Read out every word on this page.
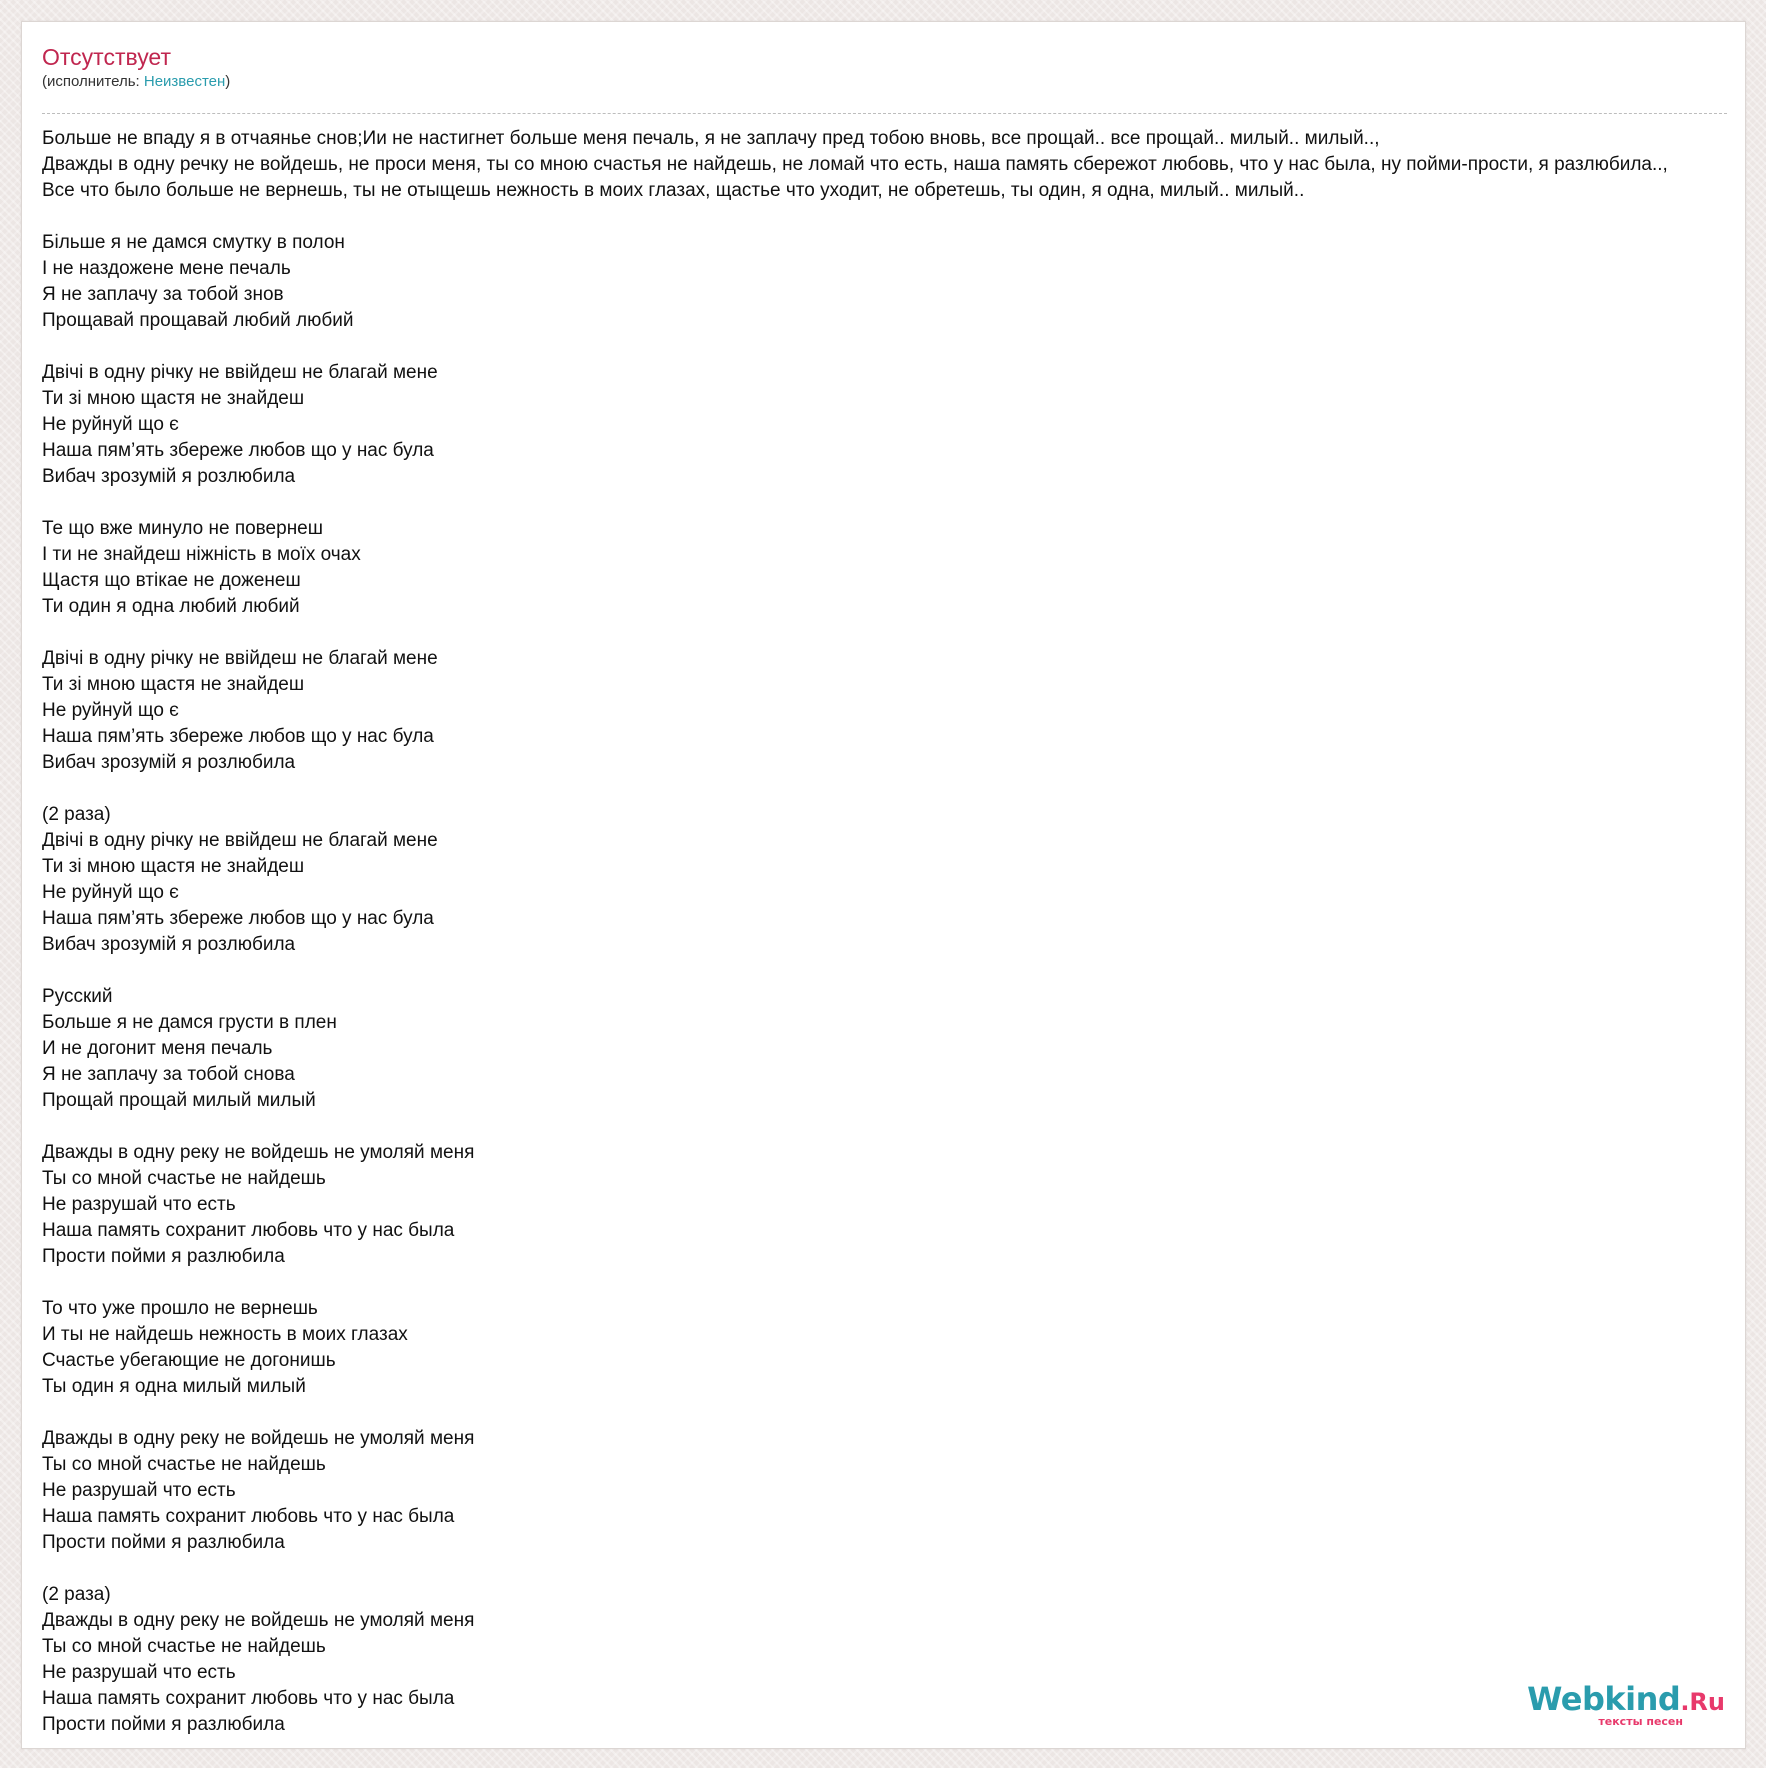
Отсутствует
(исполнитель: Неизвестен)
Больше не впаду я в отчаянье снов;Ии не настигнет больше меня печаль, я не заплачу пред тобою вновь, все прощай.. все прощай.. милый.. милый..,
Дважды в одну речку не войдешь, не проси меня, ты со мною счастья не найдешь, не ломай что есть, наша память сбережот любовь, что у нас была, ну пойми-прости, я разлюбила..,
Все что было больше не вернешь, ты не отыщешь нежность в моих глазах, щастье что уходит, не обретешь, ты один, я одна, милый.. милый..
Більше я не дамся смутку в полон
І не наздожене мене печаль
Я не заплачу за тобой знов
Прощавай прощавай любий любий
Двічі в одну річку не ввійдеш не благай мене
Ти зі мною щастя не знайдеш
Не руйнуй що є
Наша пям’ять збереже любов що у нас була
Вибач зрозумій я розлюбила
Те що вже минуло не повернеш
І ти не знайдеш ніжність в моїх очах
Щастя що втікае не доженеш
Ти один я одна любий любий
Двічі в одну річку не ввійдеш не благай мене
Ти зі мною щастя не знайдеш
Не руйнуй що є
Наша пям’ять збереже любов що у нас була
Вибач зрозумій я розлюбила
(2 раза)
Двічі в одну річку не ввійдеш не благай мене
Ти зі мною щастя не знайдеш
Не руйнуй що є
Наша пям’ять збереже любов що у нас була
Вибач зрозумій я розлюбила
Русский
Больше я не дамся грусти в плен
И не догонит меня печаль
Я не заплачу за тобой снова
Прощай прощай милый милый
Дважды в одну реку не войдешь не умоляй меня
Ты со мной счастье не найдешь
Не разрушай что есть
Наша память сохранит любовь что у нас была
Прости пойми я разлюбила
То что уже прошло не вернешь
И ты не найдешь нежность в моих глазах
Счастье убегающие не догонишь
Ты один я одна милый милый
Дважды в одну реку не войдешь не умоляй меня
Ты со мной счастье не найдешь
Не разрушай что есть
Наша память сохранит любовь что у нас была
Прости пойми я разлюбила
(2 раза)
Дважды в одну реку не войдешь не умоляй меня
Ты со мной счастье не найдешь
Не разрушай что есть
Наша память сохранит любовь что у нас была
Прости пойми я разлюбила
Webkind.Ru
тексты песен
